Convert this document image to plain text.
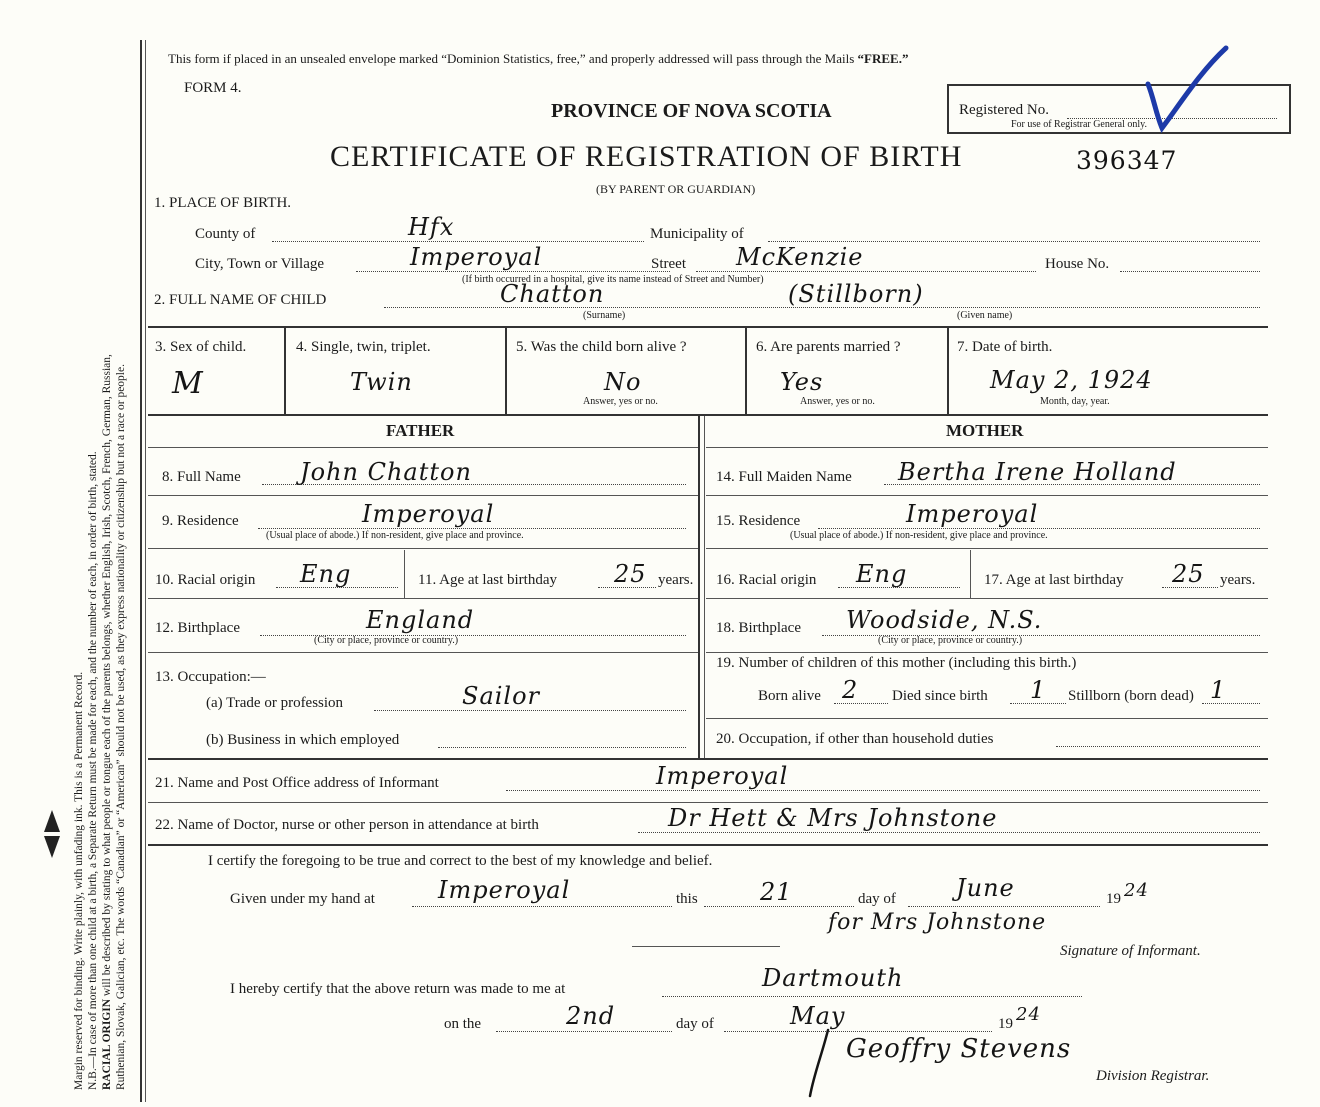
Margin reserved for binding. Write plainly, with unfading ink. This is a Permanent Record. N.B.—In case of more than one child at a birth, a Separate Return must be made for each, and the number of each, in order of birth, stated. RACIAL ORIGIN will be described by stating to what people or tongue each of the parents belongs, whether English, Irish, Scotch, French, German, Russian, Ruthenian, Slovak, Galician, etc. The words “Canadian” or “American” should not be used, as they express nationality or citizenship but not a race or people.
This form if placed in an unsealed envelope marked “Dominion Statistics, free,” and properly addressed will pass through the Mails “FREE.”
FORM 4.
PROVINCE OF NOVA SCOTIA	Registered No.
For use of Registrar General only.
CERTIFICATE OF REGISTRATION OF BIRTH	396347
(BY PARENT OR GUARDIAN)
1. PLACE OF BIRTH.
County of	Hfx	Municipality of
City, Town or Village	Imperoyal	Street McKenzie	House No.
(If birth occurred in a hospital, give its name instead of Street and Number)
2. FULL NAME OF CHILD	Chatton	(Stillborn)
(Surname)	(Given name)
3. Sex of child.
M
4. Single, twin, triplet.
Twin
5. Was the child born alive ?
No
Answer, yes or no.
6. Are parents married ?
Yes
Answer, yes or no.
7. Date of birth.
May 2, 1924
Month, day, year.
FATHER	MOTHER
8. Full Name John Chatton
9. Residence	Imperoyal
(Usual place of abode.) If non-resident, give place and province.
10. Racial origin Eng	11. Age at last birthday 25 years.
12. Birthplace	England
(City or place, province or country.)
13. Occupation:—
(a) Trade or profession	Sailor
(b) Business in which employed
14. Full Maiden Name Bertha Irene Holland
15. Residence	Imperoyal
(Usual place of abode.) If non-resident, give place and province.
16. Racial origin Eng	17. Age at last birthday 25 years.
18. Birthplace Woodside, N.S.
(City or place, province or country.)
19. Number of children of this mother (including this birth.)
Born alive 2 Died since birth 1 Stillborn (born dead) 1
20. Occupation, if other than household duties
21. Name and Post Office address of Informant	Imperoyal
22. Name of Doctor, nurse or other person in attendance at birth	Dr Hett & Mrs Johnstone
I certify the foregoing to be true and correct to the best of my knowledge and belief.
Given under my hand at	Imperoyal	this	21	day of	June	19 24
for Mrs Johnstone
Signature of Informant.
I hereby certify that the above return was made to me at	Dartmouth
on the	2nd	day of	May	19 24
Geoffry Stevens
Division Registrar.
